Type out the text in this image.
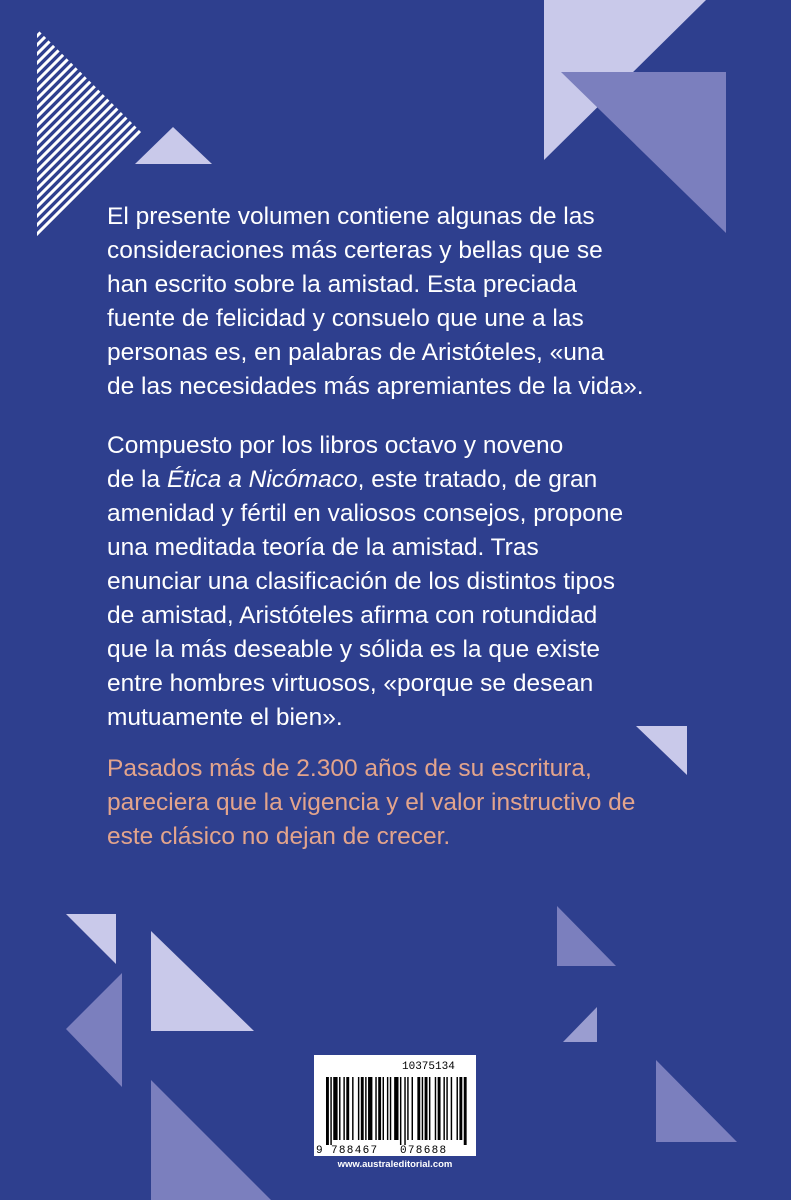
El presente volumen contiene algunas de las
consideraciones más certeras y bellas que se
han escrito sobre la amistad. Esta preciada
fuente de felicidad y consuelo que une a las
personas es, en palabras de Aristóteles, «una
de las necesidades más apremiantes de la vida».

Compuesto por los libros octavo y noveno
de la Ética a Nicómaco, este tratado, de gran
amenidad y fértil en valiosos consejos, propone
una meditada teoría de la amistad. Tras
enunciar una clasificación de los distintos tipos
de amistad, Aristóteles afirma con rotundidad
que la más deseable y sólida es la que existe
entre hombres virtuosos, «porque se desean
mutuamente el bien».

Pasados más de 2.300 años de su escritura,
pareciera que la vigencia y el valor instructivo de
este clásico no dejan de crecer.

10375134
9 788467 078688
www.australeditorial.com
